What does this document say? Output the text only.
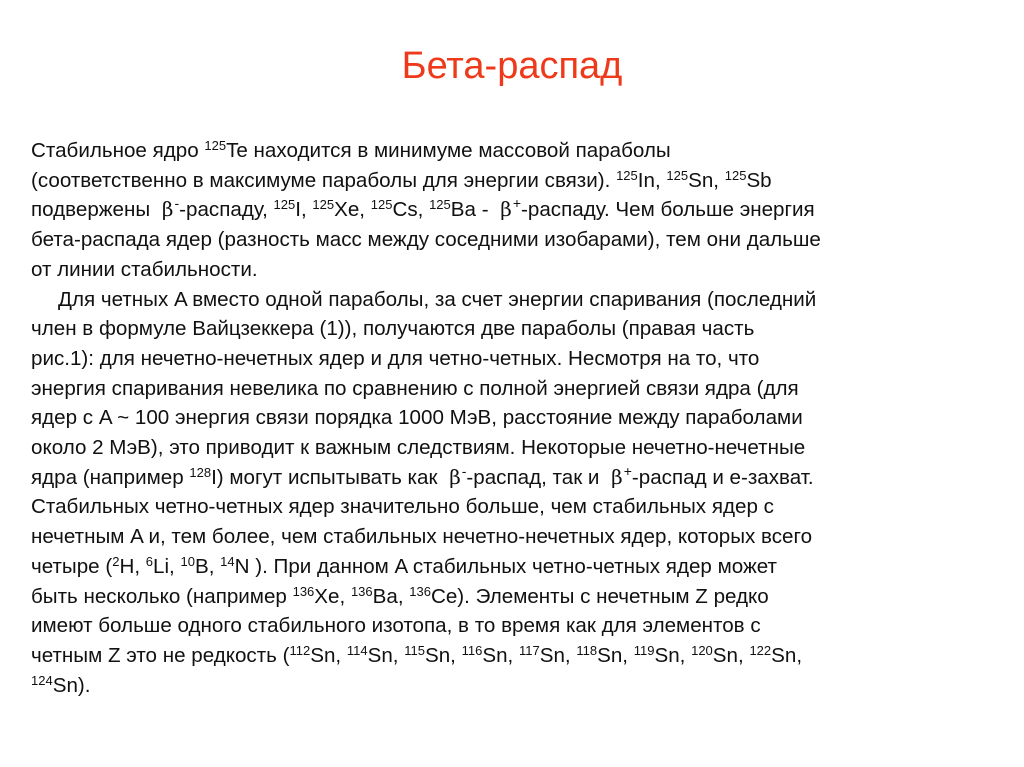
Бета-распад

Стабильное ядро $^{125}$Te находится в минимуме массовой параболы

(соответственно в максимуме параболы для энергии связи). $^{125}$In, $^{125}$Sn, $^{125}$Sb

подвержены β--распаду, $^{125}$I, $^{125}$Xe, $^{125}$Cs, $^{125}$Ba - β+-распаду. Чем больше энергия

бета-распада ядер (разность масс между соседними изобарами), тем они дальше

от линии стабильности.

Для четных A вместо одной параболы, за счет энергии спаривания (последний

член в формуле Вайцзеккера (1)), получаются две параболы (правая часть

рис.1): для нечетно-нечетных ядер и для четно-четных. Несмотря на то, что

энергия спаривания невелика по сравнению с полной энергией связи ядра (для

ядер с A ~ 100 энергия связи порядка 1000 МэВ, расстояние между параболами

около 2 МэВ), это приводит к важным следствиям. Некоторые нечетно-нечетные

ядра (например $^{128}$I) могут испытывать как β--распад, так и β+-распад и е-захват.

Стабильных четно-четных ядер значительно больше, чем стабильных ядер с

нечетным A и, тем более, чем стабильных нечетно-нечетных ядер, которых всего

четыре ($^2$H, $^6$Li, $^{10}$B, $^{14}$N ). При данном A стабильных четно-четных ядер может

быть несколько (например $^{136}$Xe, $^{136}$Ba, $^{136}$Ce). Элементы с нечетным Z редко

имеют больше одного стабильного изотопа, в то время как для элементов с

четным Z это не редкость ($^{112}$Sn, $^{114}$Sn, $^{115}$Sn, $^{116}$Sn, $^{117}$Sn, $^{118}$Sn, $^{119}$Sn, $^{120}$Sn, $^{122}$Sn,

$^{124}$Sn).
